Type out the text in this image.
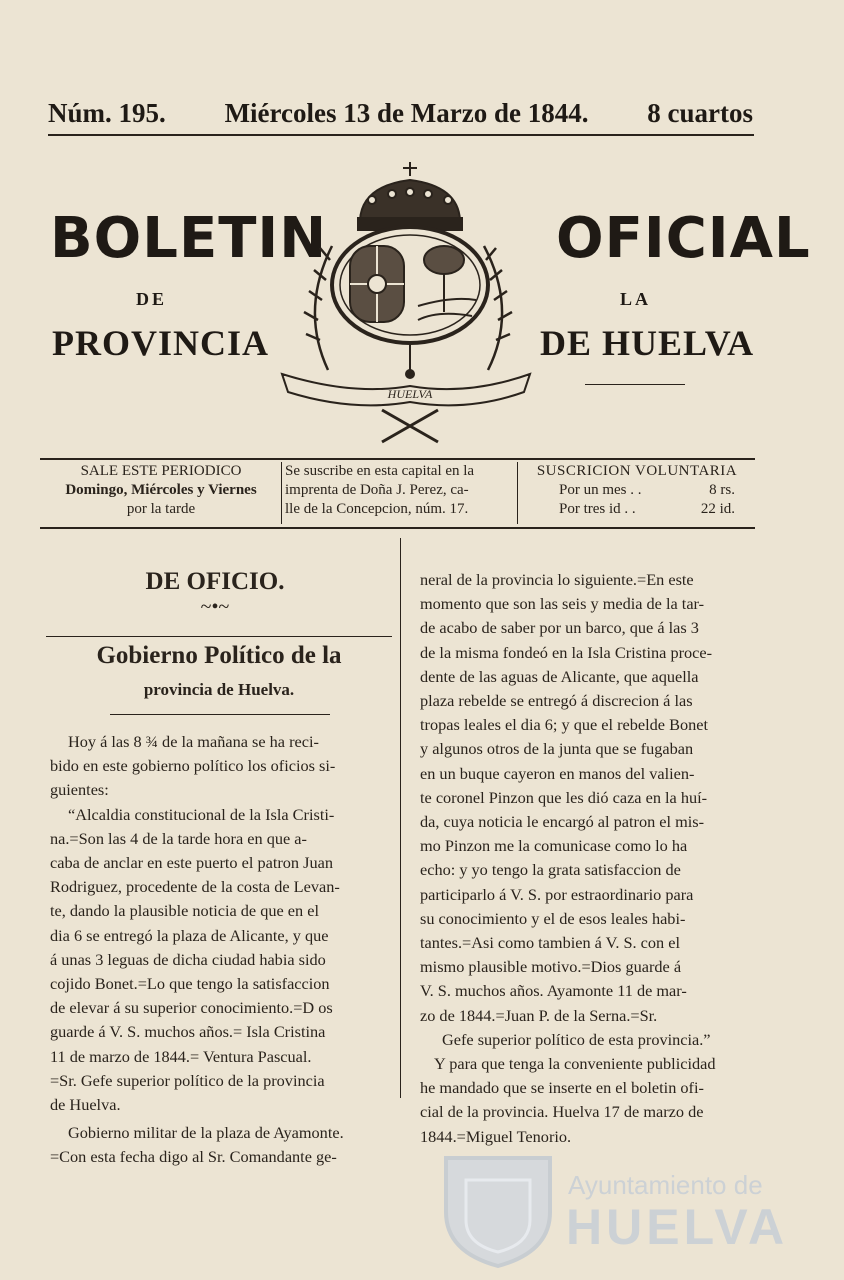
Núm. 195. Miércoles 13 de Marzo de 1844. 8 cuartos
BOLETIN	OFICIAL
DE	LA
PROVINCIA	DE HUELVA
HUELVA
SALE ESTE PERIODICO
Domingo, Miércoles y Viernes
por la tarde
Se suscribe en esta capital en la
imprenta de Doña J. Perez, ca-
lle de la Concepcion, núm. 17.
SUSCRICION VOLUNTARIA
Por un mes . .	8 rs.
Por tres id . .	22 id.
DE OFICIO.
~•~
Gobierno Político de la
provincia de Huelva.

Hoy á las 8 ¾ de la mañana se ha reci-

bido en este gobierno político los oficios si-

guientes:

“Alcaldia constitucional de la Isla Cristi-

na.=Son las 4 de la tarde hora en que a-

caba de anclar en este puerto el patron Juan

Rodriguez, procedente de la costa de Levan-

te, dando la plausible noticia de que en el

dia 6 se entregó la plaza de Alicante, y que

á unas 3 leguas de dicha ciudad habia sido

cojido Bonet.=Lo que tengo la satisfaccion

de elevar á su superior conocimiento.=D os

guarde á V. S. muchos años.= Isla Cristina

11 de marzo de 1844.= Ventura Pascual.

=Sr. Gefe superior político de la provincia

de Huelva.

Gobierno militar de la plaza de Ayamonte.

=Con esta fecha digo al Sr. Comandante ge-

neral de la provincia lo siguiente.=En este

momento que son las seis y media de la tar-

de acabo de saber por un barco, que á las 3

de la misma fondeó en la Isla Cristina proce-

dente de las aguas de Alicante, que aquella

plaza rebelde se entregó á discrecion á las

tropas leales el dia 6; y que el rebelde Bonet

y algunos otros de la junta que se fugaban

en un buque cayeron en manos del valien-

te coronel Pinzon que les dió caza en la huí-

da, cuya noticia le encargó al patron el mis-

mo Pinzon me la comunicase como lo ha

echo: y yo tengo la grata satisfaccion de

participarlo á V. S. por estraordinario para

su conocimiento y el de esos leales habi-

tantes.=Asi como tambien á V. S. con el

mismo plausible motivo.=Dios guarde á

V. S. muchos años. Ayamonte 11 de mar-

zo de 1844.=Juan P. de la Serna.=Sr.

Gefe superior político de esta provincia.”

Y para que tenga la conveniente publicidad

he mandado que se inserte en el boletin ofi-

cial de la provincia. Huelva 17 de marzo de

1844.=Miguel Tenorio.

Ayuntamiento de
HUELVA
